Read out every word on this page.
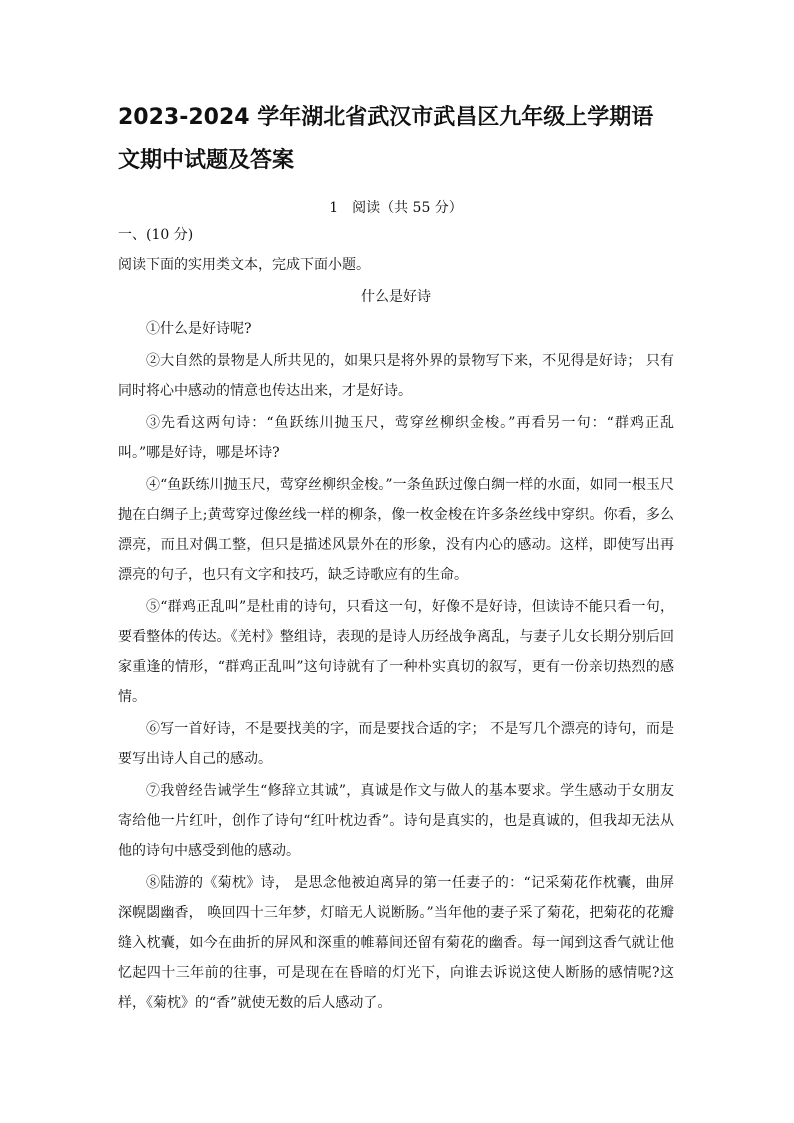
2023-2024 学年湖北省武汉市武昌区九年级上学期语文期中试题及答案
1　阅读（共 55 分）

一、(10 分)

阅读下面的实用类文本，完成下面小题。

什么是好诗

①什么是好诗呢?

②大自然的景物是人所共见的，如果只是将外界的景物写下来，不见得是好诗； 只有同时将心中感动的情意也传达出来，才是好诗。

③先看这两句诗：“鱼跃练川抛玉尺，莺穿丝柳织金梭。”再看另一句：“群鸡正乱叫。”哪是好诗，哪是坏诗?

④“鱼跃练川抛玉尺，莺穿丝柳织金梭。”一条鱼跃过像白绸一样的水面，如同一根玉尺抛在白绸子上;黄莺穿过像丝线一样的柳条，像一枚金梭在许多条丝线中穿织。你看，多么漂亮，而且对偶工整，但只是描述风景外在的形象，没有内心的感动。这样，即使写出再漂亮的句子，也只有文字和技巧，缺乏诗歌应有的生命。

⑤“群鸡正乱叫”是杜甫的诗句，只看这一句，好像不是好诗，但读诗不能只看一句，要看整体的传达。《羌村》整组诗，表现的是诗人历经战争离乱，与妻子儿女长期分别后回家重逢的情形，“群鸡正乱叫”这句诗就有了一种朴实真切的叙写，更有一份亲切热烈的感情。

⑥写一首好诗，不是要找美的字，而是要找合适的字； 不是写几个漂亮的诗句，而是要写出诗人自己的感动。

⑦我曾经告诫学生“修辞立其诚”，真诚是作文与做人的基本要求。学生感动于女朋友寄给他一片红叶，创作了诗句“红叶枕边香”。诗句是真实的，也是真诚的，但我却无法从他的诗句中感受到他的感动。

⑧陆游的《菊枕》诗， 是思念他被迫离异的第一任妻子的：“记采菊花作枕囊，曲屏深幌閟幽香， 唤回四十三年梦，灯暗无人说断肠。”当年他的妻子采了菊花，把菊花的花瓣缝入枕囊，如今在曲折的屏风和深重的帷幕间还留有菊花的幽香。每一闻到这香气就让他忆起四十三年前的往事，可是现在在昏暗的灯光下，向谁去诉说这使人断肠的感情呢?这样，《菊枕》的“香”就使无数的后人感动了。
